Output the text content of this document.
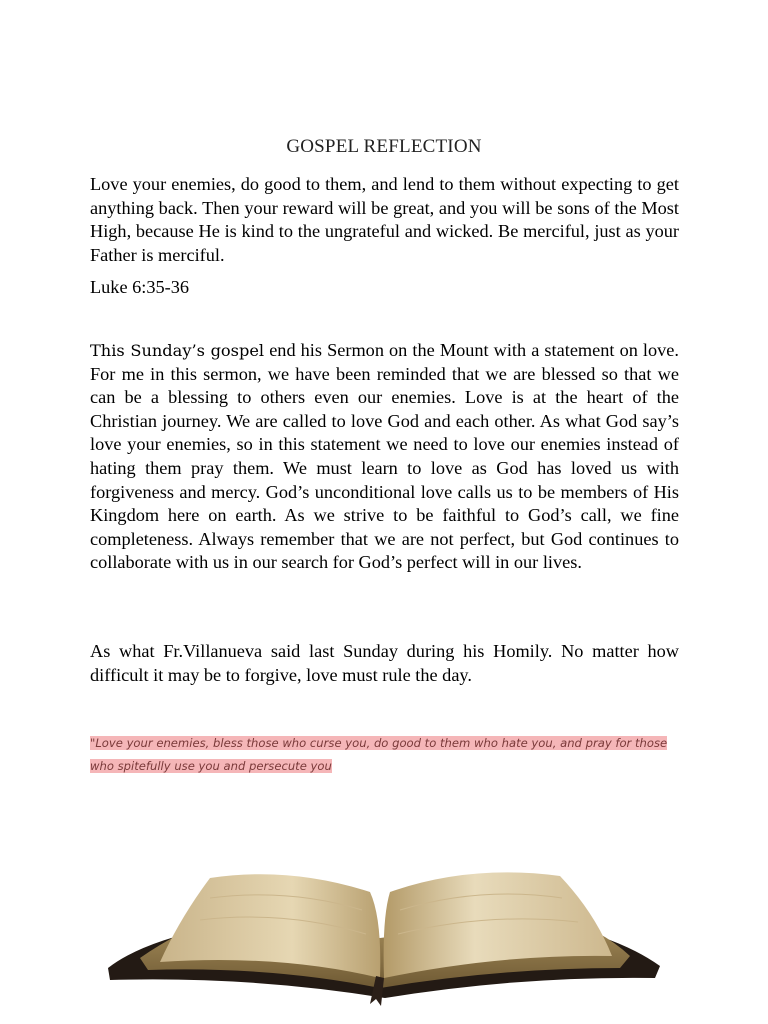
GOSPEL REFLECTION

Love your enemies, do good to them, and lend to them without expecting to get anything back. Then your reward will be great, and you will be sons of the Most High, because He is kind to the ungrateful and wicked. Be merciful, just as your Father is merciful.

Luke 6:35-36

This Sunday’s gospel end his Sermon on the Mount with a statement on love. For me in this sermon, we have been reminded that we are blessed so that we can be a blessing to others even our enemies. Love is at the heart of the Christian journey. We are called to love God and each other. As what God say’s love your enemies, so in this statement we need to love our enemies instead of hating them pray them. We must learn to love as God has loved us with forgiveness and mercy. God’s unconditional love calls us to be members of His Kingdom here on earth. As we strive to be faithful to God’s call, we fine completeness. Always remember that we are not perfect, but God continues to collaborate with us in our search for God’s perfect will in our lives.

As what Fr.Villanueva said last Sunday during his Homily. No matter how difficult it may be to forgive, love must rule the day.

"Love your enemies, bless those who curse you, do good to them who hate you, and pray for those who spitefully use you and persecute you
